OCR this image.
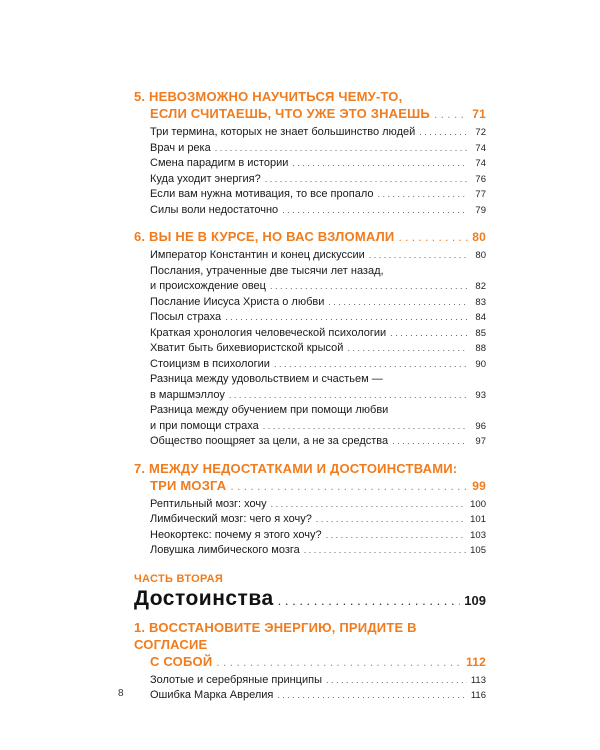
5. НЕВОЗМОЖНО НАУЧИТЬСЯ ЧЕМУ-ТО,
ЕСЛИ СЧИТАЕШЬ, ЧТО УЖЕ ЭТО ЗНАЕШЬ . . .	71
Три термина, которых не знает большинство людей . . .	72
Врач и река . . .	74
Смена парадигм в истории . . .	74
Куда уходит энергия? . . .	76
Если вам нужна мотивация, то все пропало . . .	77
Силы воли недостаточно . . .	79
6. ВЫ НЕ В КУРСЕ, НО ВАС ВЗЛОМАЛИ . . .	80
Император Константин и конец дискуссии . . .	80
Послания, утраченные две тысячи лет назад,
и происхождение овец . . .	82
Послание Иисуса Христа о любви . . .	83
Посыл страха . . .	84
Краткая хронология человеческой психологии . . .	85
Хватит быть бихевиористской крысой . . .	88
Стоицизм в психологии . . .	90
Разница между удовольствием и счастьем —
в маршмэллоу . . .	93
Разница между обучением при помощи любви
и при помощи страха . . .	96
Общество поощряет за цели, а не за средства . . .	97
7. МЕЖДУ НЕДОСТАТКАМИ И ДОСТОИНСТВАМИ:
ТРИ МОЗГА . . .	99
Рептильный мозг: хочу . . .	100
Лимбический мозг: чего я хочу? . . .	101
Неокортекс: почему я этого хочу? . . .	103
Ловушка лимбического мозга . . .	105
ЧАСТЬ ВТОРАЯ
Достоинства . . .	109
1. ВОССТАНОВИТЕ ЭНЕРГИЮ, ПРИДИТЕ В СОГЛАСИЕ
С СОБОЙ . . .	112
Золотые и серебряные принципы . . .	113
Ошибка Марка Аврелия . . .	116
8
